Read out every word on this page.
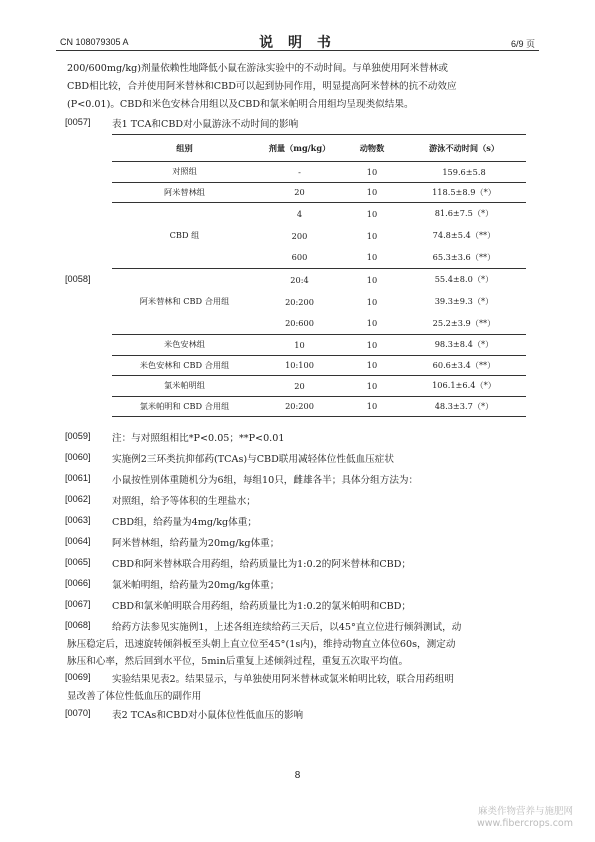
CN 108079305 A	说 明 书	6/9 页
200/600mg/kg)剂量依赖性地降低小鼠在游泳实验中的不动时间。与单独使用阿米替林或
CBD相比较，合并使用阿米替林和CBD可以起到协同作用，明显提高阿米替林的抗不动效应
(P<0.01)。CBD和米色安林合用组以及CBD和氯米帕明合用组均呈现类似结果。
[0057] 表1 TCA和CBD对小鼠游泳不动时间的影响
[0058]
组别	剂量（mg/kg）	动物数	游泳不动时间（s）
对照组	-	10	159.6±5.8
阿米替林组	20	10	118.5±8.9（*）
CBD 组	4	10	81.6±7.5（*）
	200	10	74.8±5.4（**）
	600	10	65.3±3.6（**）
阿米替林和 CBD 合用组	20:4	10	55.4±8.0（*）
	20:200	10	39.3±9.3（*）
	20:600	10	25.2±3.9（**）
米色安林组	10	10	98.3±8.4（*）
米色安林和 CBD 合用组	10:100	10	60.6±3.4（**）
氯米帕明组	20	10	106.1±6.4（*）
氯米帕明和 CBD 合用组	20:200	10	48.3±3.7（*）
[0059] 注：与对照组相比*P<0.05；**P<0.01
[0060] 实施例2三环类抗抑郁药(TCAs)与CBD联用减轻体位性低血压症状
[0061] 小鼠按性别体重随机分为6组，每组10只，雌雄各半；具体分组方法为：
[0062] 对照组，给予等体积的生理盐水；
[0063] CBD组，给药量为4mg/kg体重；
[0064] 阿米替林组，给药量为20mg/kg体重；
[0065] CBD和阿米替林联合用药组，给药质量比为1:0.2的阿米替林和CBD；
[0066] 氯米帕明组，给药量为20mg/kg体重；
[0067] CBD和氯米帕明联合用药组，给药质量比为1:0.2的氯米帕明和CBD；
[0068] 给药方法参见实施例1，上述各组连续给药三天后，以45°直立位进行倾斜测试，动
脉压稳定后，迅速旋转倾斜板至头朝上直立位至45°(1s内)，维持动物直立体位60s，测定动
脉压和心率，然后回到水平位，5min后重复上述倾斜过程，重复五次取平均值。
[0069] 实验结果见表2。结果显示，与单独使用阿米替林或氯米帕明比较，联合用药组明
显改善了体位性低血压的副作用
[0070] 表2 TCAs和CBD对小鼠体位性低血压的影响
8
麻类作物营养与施肥网
www.fibercrops.com
